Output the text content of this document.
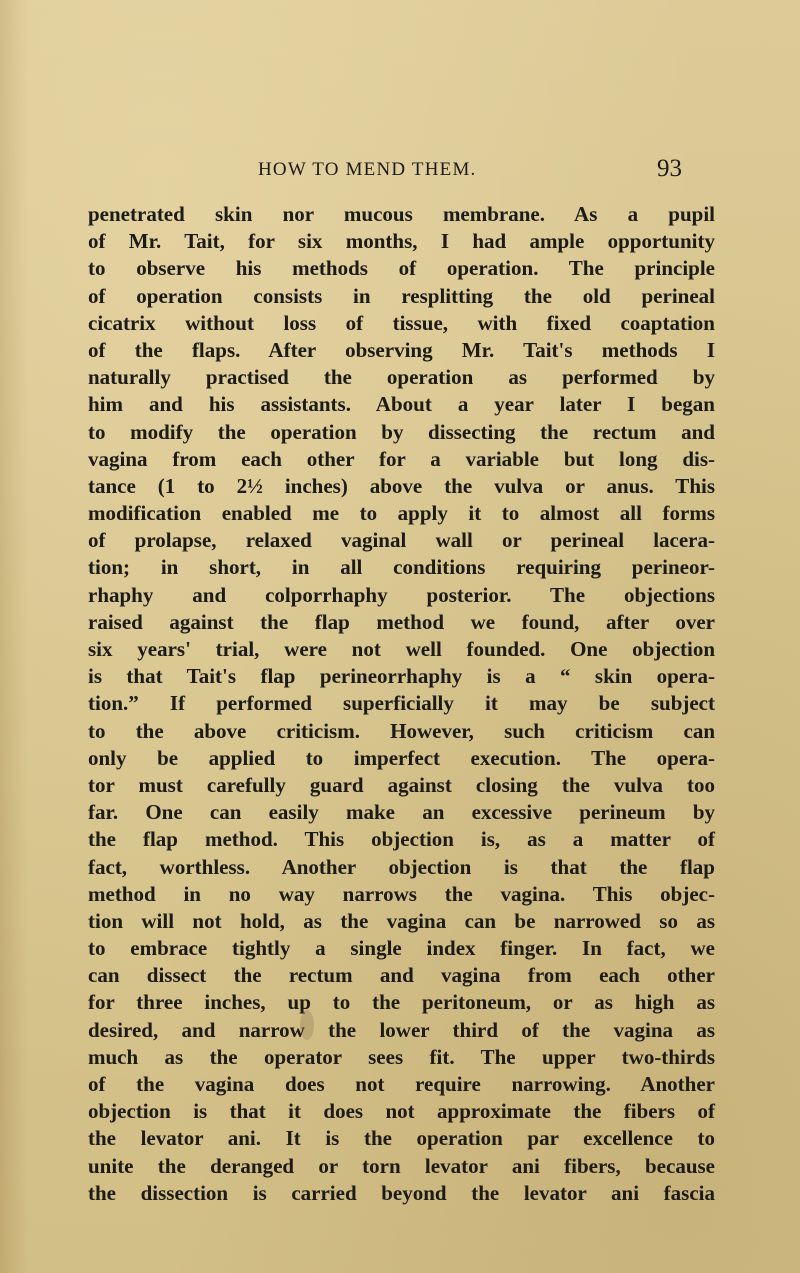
HOW TO MEND THEM.	93
penetrated skin nor mucous membrane. As a pupil
of Mr. Tait, for six months, I had ample opportunity
to observe his methods of operation. The principle
of operation consists in resplitting the old perineal
cicatrix without loss of tissue, with fixed coaptation
of the flaps. After observing Mr. Tait's methods I
naturally practised the operation as performed by
him and his assistants. About a year later I began
to modify the operation by dissecting the rectum and
vagina from each other for a variable but long dis-
tance (1 to 2½ inches) above the vulva or anus. This
modification enabled me to apply it to almost all forms
of prolapse, relaxed vaginal wall or perineal lacera-
tion; in short, in all conditions requiring perineor-
rhaphy and colporrhaphy posterior. The objections
raised against the flap method we found, after over
six years' trial, were not well founded. One objection
is that Tait's flap perineorrhaphy is a “ skin opera-
tion.” If performed superficially it may be subject
to the above criticism. However, such criticism can
only be applied to imperfect execution. The opera-
tor must carefully guard against closing the vulva too
far. One can easily make an excessive perineum by
the flap method. This objection is, as a matter of
fact, worthless. Another objection is that the flap
method in no way narrows the vagina. This objec-
tion will not hold, as the vagina can be narrowed so as
to embrace tightly a single index finger. In fact, we
can dissect the rectum and vagina from each other
for three inches, up to the peritoneum, or as high as
desired, and narrow the lower third of the vagina as
much as the operator sees fit. The upper two-thirds
of the vagina does not require narrowing. Another
objection is that it does not approximate the fibers of
the levator ani. It is the operation par excellence to
unite the deranged or torn levator ani fibers, because
the dissection is carried beyond the levator ani fascia
